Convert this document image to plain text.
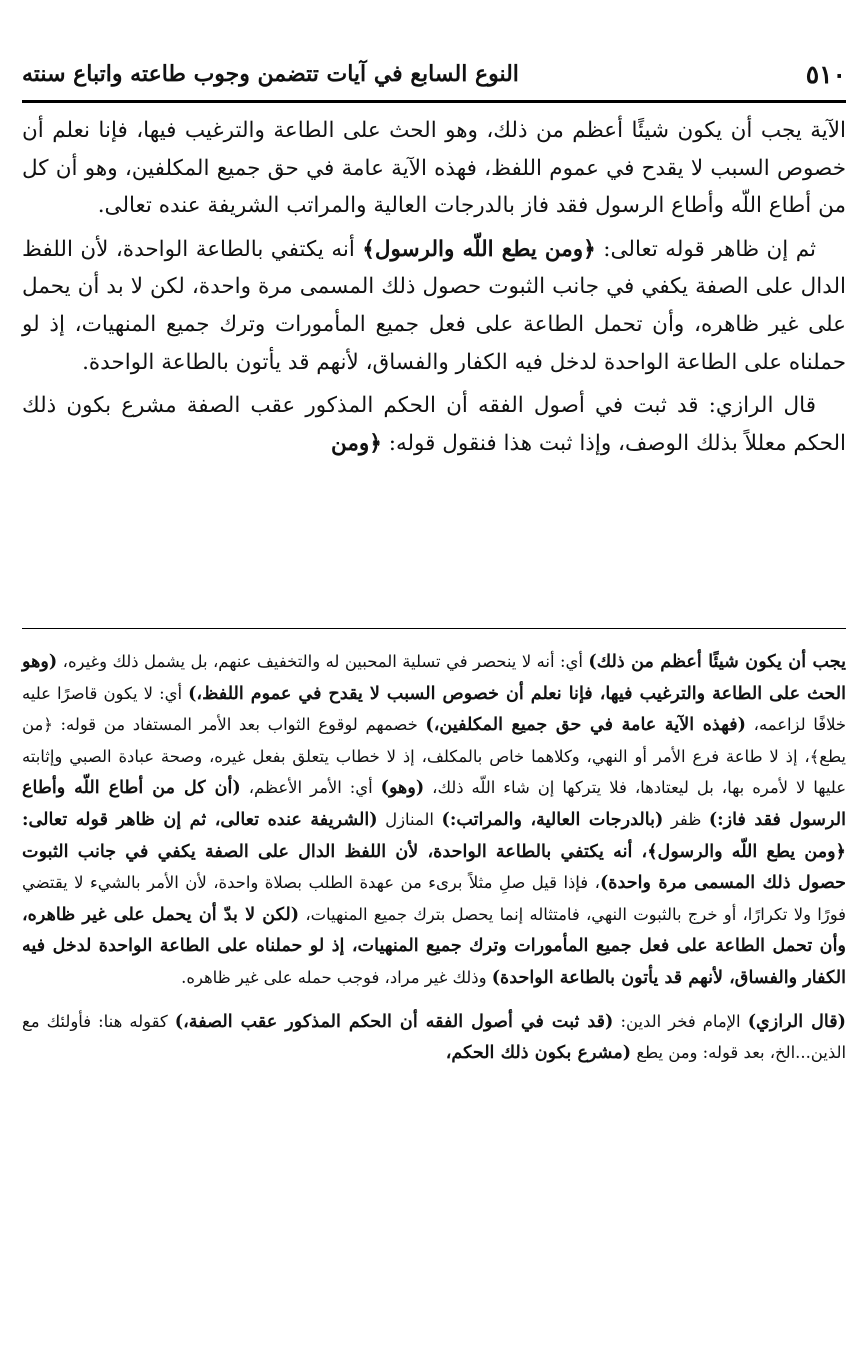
٥١٠
النوع السابع في آيات تتضمن وجوب طاعته واتباع سنته

الآية يجب أن يكون شيئًا أعظم من ذلك، وهو الحث على الطاعة والترغيب فيها، فإنا نعلم أن خصوص السبب لا يقدح في عموم اللفظ، فهذه الآية عامة في حق جميع المكلفين، وهو أن كل من أطاع اللّه وأطاع الرسول فقد فاز بالدرجات العالية والمراتب الشريفة عنده تعالى.

ثم إن ظاهر قوله تعالى: ﴿ومن يطع اللّه والرسول﴾ أنه يكتفي بالطاعة الواحدة، لأن اللفظ الدال على الصفة يكفي في جانب الثبوت حصول ذلك المسمى مرة واحدة، لكن لا بد أن يحمل على غير ظاهره، وأن تحمل الطاعة على فعل جميع المأمورات وترك جميع المنهيات، إذ لو حملناه على الطاعة الواحدة لدخل فيه الكفار والفساق، لأنهم قد يأتون بالطاعة الواحدة.

قال الرازي: قد ثبت في أصول الفقه أن الحكم المذكور عقب الصفة مشرع بكون ذلك الحكم معللاً بذلك الوصف، وإذا ثبت هذا فنقول قوله: ﴿ومن

يجب أن يكون شيئًا أعظم من ذلك) أي: أنه لا ينحصر في تسلية المحبين له والتخفيف عنهم، بل يشمل ذلك وغيره، (وهو الحث على الطاعة والترغيب فيها، فإنا نعلم أن خصوص السبب لا يقدح في عموم اللفظ،) أي: لا يكون قاصرًا عليه خلافًا لزاعمه، (فهذه الآية عامة في حق جميع المكلفين،) خصمهم لوقوع الثواب بعد الأمر المستفاد من قوله: ﴿من يطع﴾، إذ لا طاعة فرع الأمر أو النهي، وكلاهما خاص بالمكلف، إذ لا خطاب يتعلق بفعل غيره، وصحة عبادة الصبي وإثابته عليها لا لأمره بها، بل ليعتادها، فلا يتركها إن شاء اللّه ذلك، (وهو) أي: الأمر الأعظم، (أن كل من أطاع اللّه وأطاع الرسول فقد فاز:) ظفر (بالدرجات العالية، والمراتب:) المنازل (الشريفة عنده تعالى، ثم إن ظاهر قوله تعالى: ﴿ومن يطع اللّه والرسول﴾، أنه يكتفي بالطاعة الواحدة، لأن اللفظ الدال على الصفة يكفي في جانب الثبوت حصول ذلك المسمى مرة واحدة)، فإذا قيل صلِ مثلاً برىء من عهدة الطلب بصلاة واحدة، لأن الأمر بالشيء لا يقتضي فورًا ولا تكرارًا، أو خرج بالثبوت النهي، فامتثاله إنما يحصل بترك جميع المنهيات، (لكن لا بدّ أن يحمل على غير ظاهره، وأن تحمل الطاعة على فعل جميع المأمورات وترك جميع المنهيات، إذ لو حملناه على الطاعة الواحدة لدخل فيه الكفار والفساق، لأنهم قد يأتون بالطاعة الواحدة) وذلك غير مراد، فوجب حمله على غير ظاهره.

(قال الرازي) الإمام فخر الدين: (قد ثبت في أصول الفقه أن الحكم المذكور عقب الصفة،) كقوله هنا: فأولئك مع الذين...الخ، بعد قوله: ومن يطع (مشرع بكون ذلك الحكم،
